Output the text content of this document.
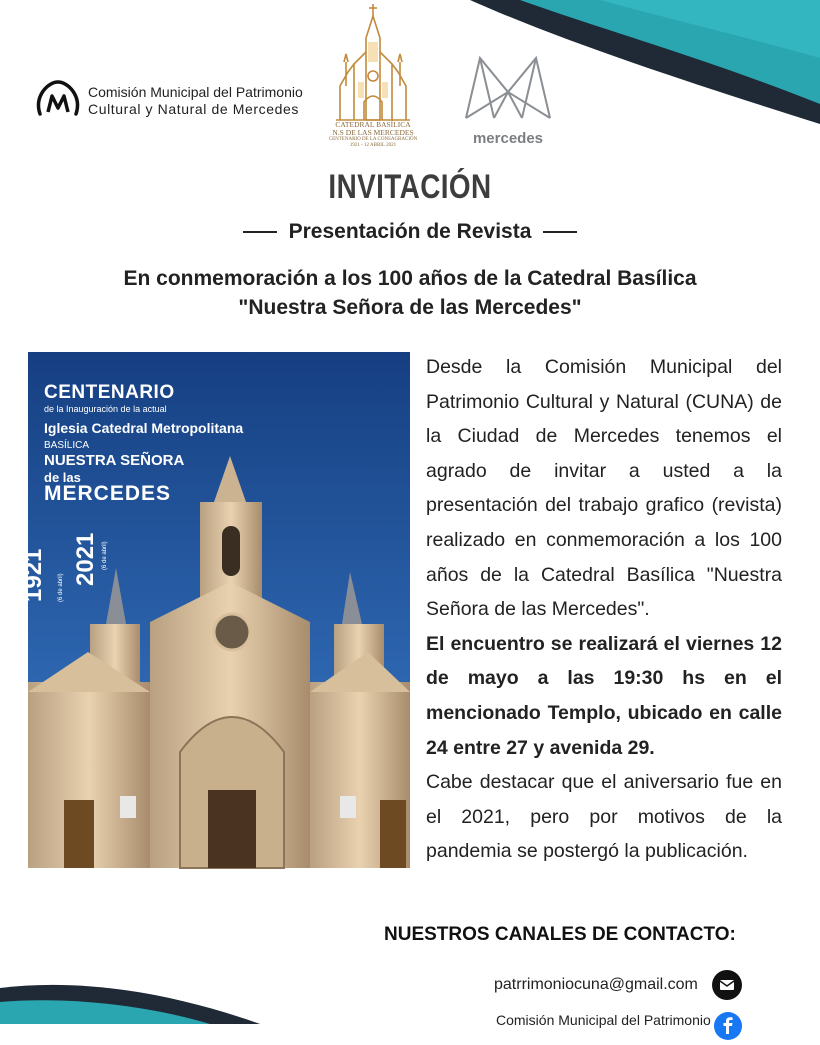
Comisión Municipal del Patrimonio
Cultural y Natural de Mercedes
CATEDRAL BASÍLICA
N.S DE LAS MERCEDES
CENTENARIO DE LA CONSAGRACIÓN
1921 - 12 ABRIL 2021	mercedes
INVITACIÓN
Presentación de Revista
En conmemoración a los 100 años de la Catedral Basílica "Nuestra Señora de las Mercedes"
CENTENARIO
de la Inauguración de la actual
Iglesia Catedral Metropolitana
BASÍLICA
NUESTRA SEÑORA
de las
MERCEDES
1921 (6 de abril)
2021 (6 de abril)

Desde la Comisión Municipal del Patrimonio Cultural y Natural (CUNA) de la Ciudad de Mercedes tenemos el agrado de invitar a usted a la presentación del trabajo grafico (revista) realizado en conmemoración a los 100 años de la Catedral Basílica "Nuestra Señora de las Mercedes".

El encuentro se realizará el viernes 12 de mayo a las 19:30 hs en el mencionado Templo, ubicado en calle 24 entre 27 y avenida 29.

Cabe destacar que el aniversario fue en el 2021, pero por motivos de la pandemia se postergó la publicación.

NUESTROS CANALES DE CONTACTO:
patrrimoniocuna@gmail.com
Comisión Municipal del Patrimonio
